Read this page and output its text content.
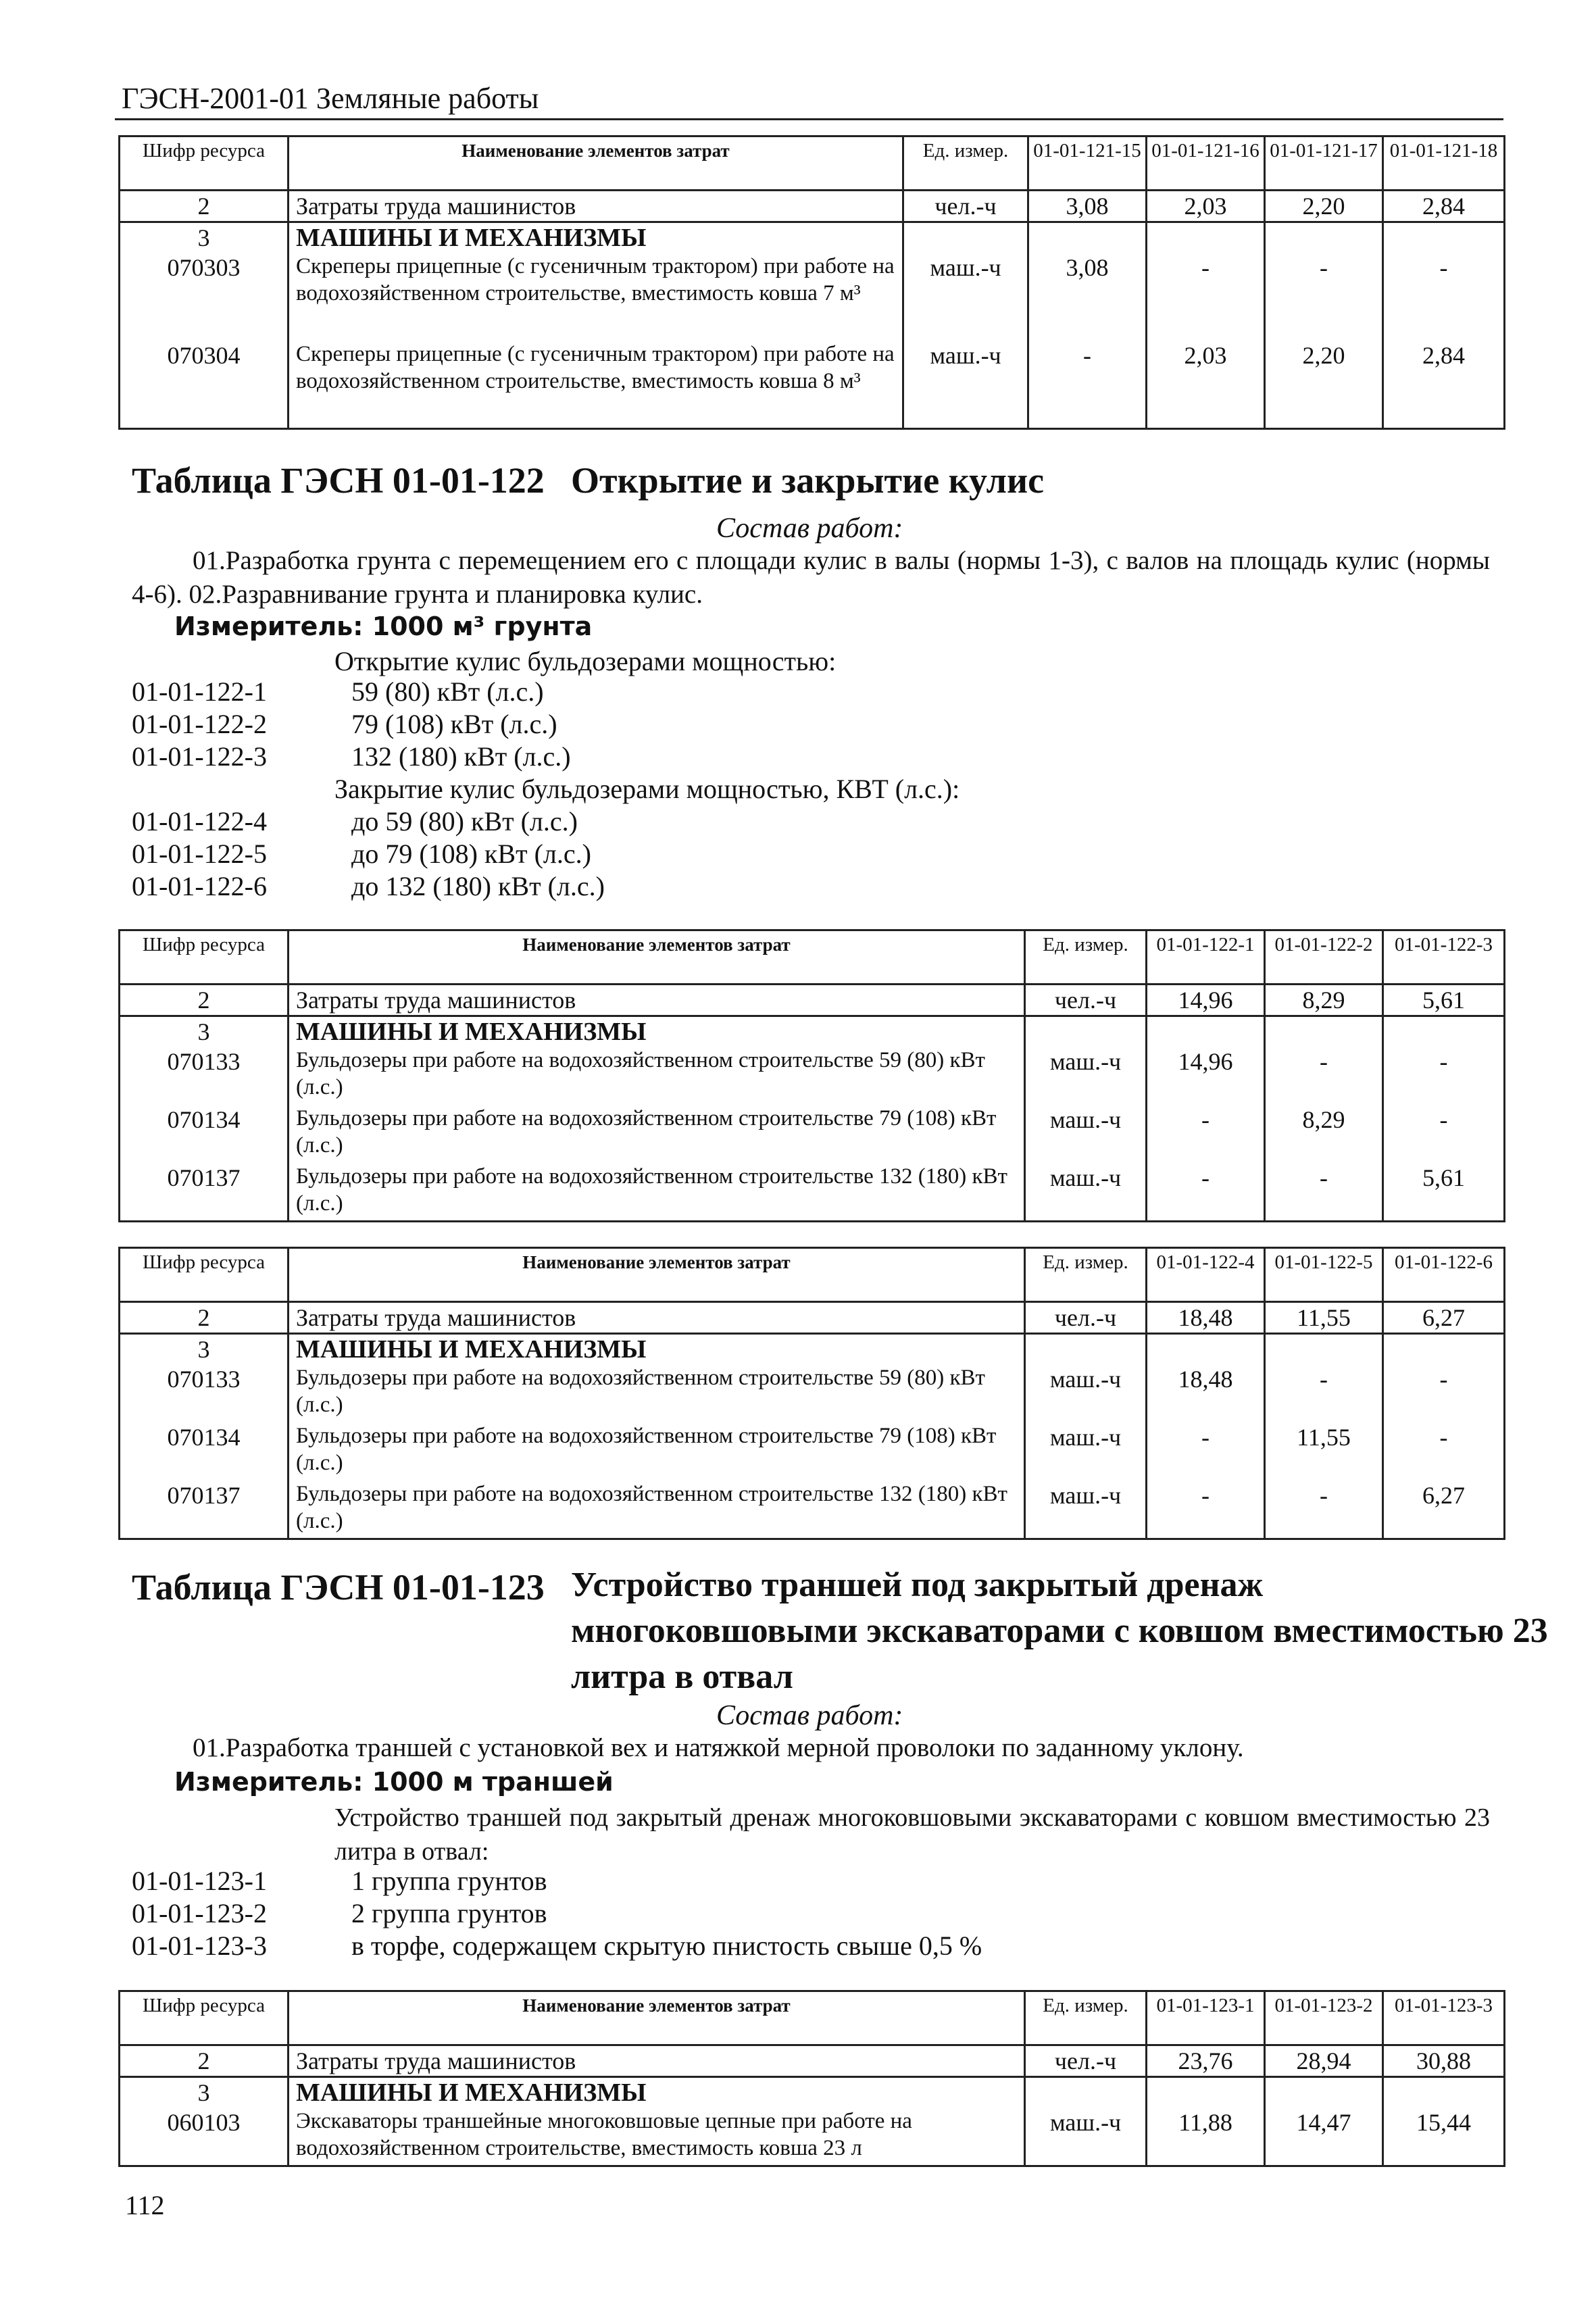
ГЭСН-2001-01 Земляные работы
Шифр ресурса	Наименование элементов затрат	Ед. измер.	01-01-121-15	01-01-121-16	01-01-121-17	01-01-121-18
2	Затраты труда машинистов	чел.-ч	3,08	2,03	2,20	2,84
3	МАШИНЫ И МЕХАНИЗМЫ					
070303	Скреперы прицепные (с гусеничным трактором) при работе на водохозяйственном строительстве, вместимость ковша 7 м³	маш.-ч	3,08	-	-	-
070304	Скреперы прицепные (с гусеничным трактором) при работе на водохозяйственном строительстве, вместимость ковша 8 м³	маш.-ч	-	2,03	2,20	2,84
Таблица ГЭСН 01-01-122 Открытие и закрытие кулис
Состав работ:
01.Разработка грунта с перемещением его с площади кулис в валы (нормы 1-3), с валов на площадь кулис (нормы 4-6). 02.Разравнивание грунта и планировка кулис.
Измеритель: 1000 м³ грунта
Открытие кулис бульдозерами мощностью:
01-01-122-1	59 (80) кВт (л.с.)
01-01-122-2	79 (108) кВт (л.с.)
01-01-122-3	132 (180) кВт (л.с.)
Закрытие кулис бульдозерами мощностью, КВТ (л.с.):
01-01-122-4	до 59 (80) кВт (л.с.)
01-01-122-5	до 79 (108) кВт (л.с.)
01-01-122-6	до 132 (180) кВт (л.с.)
Шифр ресурса	Наименование элементов затрат	Ед. измер.	01-01-122-1	01-01-122-2	01-01-122-3
2	Затраты труда машинистов	чел.-ч	14,96	8,29	5,61
3	МАШИНЫ И МЕХАНИЗМЫ				
070133	Бульдозеры при работе на водохозяйственном строительстве 59 (80) кВт (л.с.)	маш.-ч	14,96	-	-
070134	Бульдозеры при работе на водохозяйственном строительстве 79 (108) кВт (л.с.)	маш.-ч	-	8,29	-
070137	Бульдозеры при работе на водохозяйственном строительстве 132 (180) кВт (л.с.)	маш.-ч	-	-	5,61
Шифр ресурса	Наименование элементов затрат	Ед. измер.	01-01-122-4	01-01-122-5	01-01-122-6
2	Затраты труда машинистов	чел.-ч	18,48	11,55	6,27
3	МАШИНЫ И МЕХАНИЗМЫ				
070133	Бульдозеры при работе на водохозяйственном строительстве 59 (80) кВт (л.с.)	маш.-ч	18,48	-	-
070134	Бульдозеры при работе на водохозяйственном строительстве 79 (108) кВт (л.с.)	маш.-ч	-	11,55	-
070137	Бульдозеры при работе на водохозяйственном строительстве 132 (180) кВт (л.с.)	маш.-ч	-	-	6,27
Таблица ГЭСН 01-01-123 Устройство траншей под закрытый дренаж многоковшовыми экскаваторами с ковшом вместимостью 23 литра в отвал
Состав работ:
01.Разработка траншей с установкой вех и натяжкой мерной проволоки по заданному уклону.
Измеритель: 1000 м траншей
Устройство траншей под закрытый дренаж многоковшовыми экскаваторами с ковшом вместимостью 23 литра в отвал:
01-01-123-1	1 группа грунтов
01-01-123-2	2 группа грунтов
01-01-123-3	в торфе, содержащем скрытую пнистость свыше 0,5 %
Шифр ресурса	Наименование элементов затрат	Ед. измер.	01-01-123-1	01-01-123-2	01-01-123-3
2	Затраты труда машинистов	чел.-ч	23,76	28,94	30,88
3	МАШИНЫ И МЕХАНИЗМЫ				
060103	Экскаваторы траншейные многоковшовые цепные при работе на водохозяйственном строительстве, вместимость ковша 23 л	маш.-ч	11,88	14,47	15,44
112
